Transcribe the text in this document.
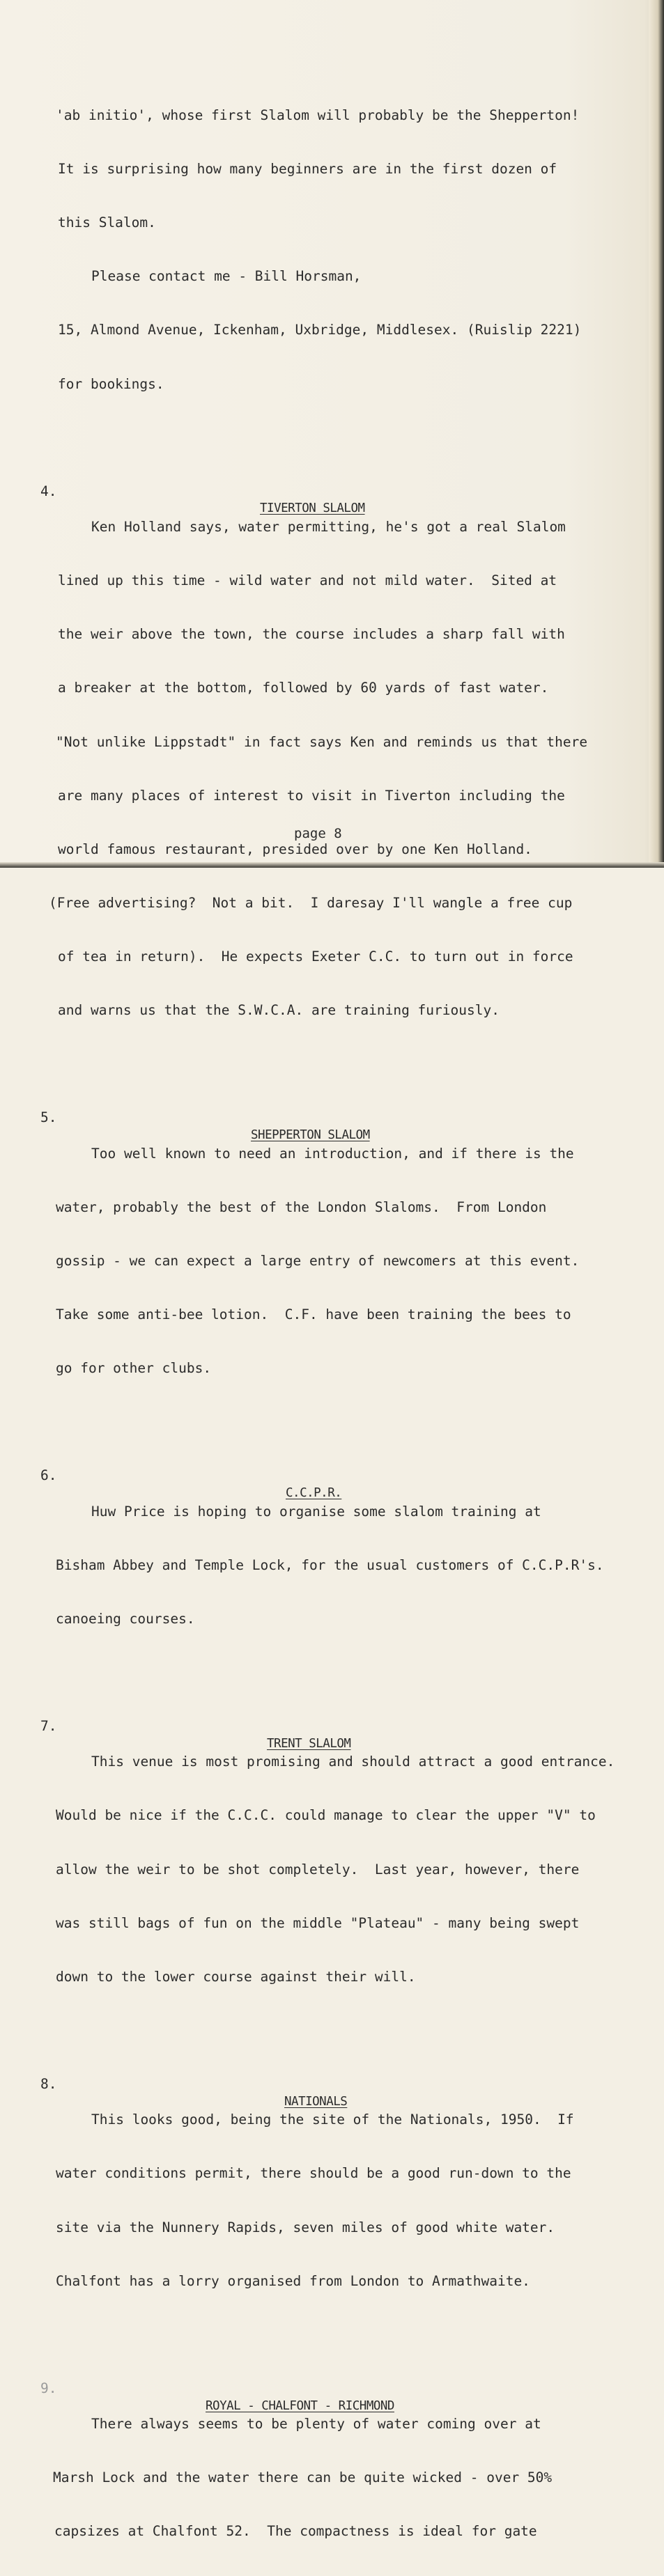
'ab initio', whose first Slalom will probably be the Shepperton!

It is surprising how many beginners are in the first dozen of

this Slalom.

Please contact me - Bill Horsman,

15, Almond Avenue, Ickenham, Uxbridge, Middlesex. (Ruislip 2221)

for bookings.

4.

TIVERTON SLALOM

Ken Holland says, water permitting, he's got a real Slalom

lined up this time - wild water and not mild water.  Sited at

the weir above the town, the course includes a sharp fall with

a breaker at the bottom, followed by 60 yards of fast water.

"Not unlike Lippstadt" in fact says Ken and reminds us that there

are many places of interest to visit in Tiverton including the

world famous restaurant, presided over by one Ken Holland.

(Free advertising?  Not a bit.  I daresay I'll wangle a free cup

of tea in return).  He expects Exeter C.C. to turn out in force

and warns us that the S.W.C.A. are training furiously.

5.

SHEPPERTON SLALOM

Too well known to need an introduction, and if there is the

water, probably the best of the London Slaloms.  From London

gossip - we can expect a large entry of newcomers at this event.

Take some anti-bee lotion.  C.F. have been training the bees to

go for other clubs.

6.

C.C.P.R.

Huw Price is hoping to organise some slalom training at

Bisham Abbey and Temple Lock, for the usual customers of C.C.P.R's.

canoeing courses.

7.

TRENT SLALOM

This venue is most promising and should attract a good entrance.

Would be nice if the C.C.C. could manage to clear the upper "V" to

allow the weir to be shot completely.  Last year, however, there

was still bags of fun on the middle "Plateau" - many being swept

down to the lower course against their will.

8.

NATIONALS

This looks good, being the site of the Nationals, 1950.  If

water conditions permit, there should be a good run-down to the

site via the Nunnery Rapids, seven miles of good white water.

Chalfont has a lorry organised from London to Armathwaite.

9.

ROYAL - CHALFONT - RICHMOND

There always seems to be plenty of water coming over at

Marsh Lock and the water there can be quite wicked - over 50%

capsizes at Chalfont 52.  The compactness is ideal for gate

page 8
